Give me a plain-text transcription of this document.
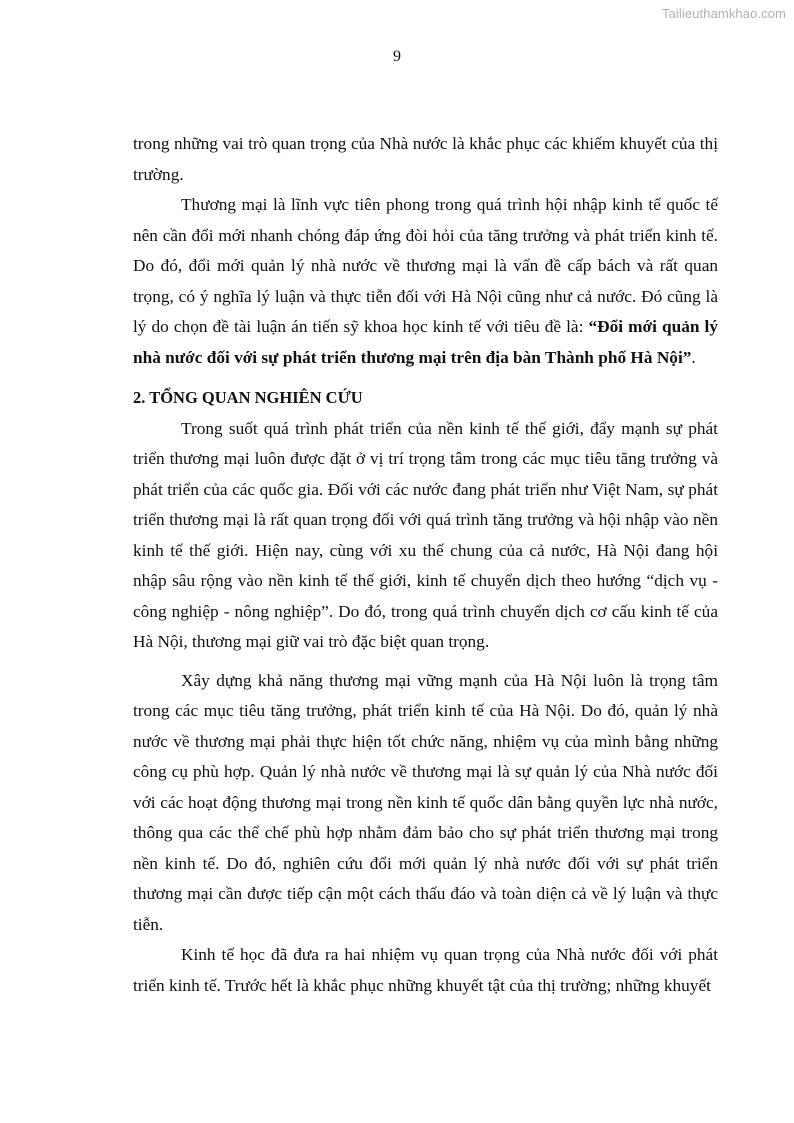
Tailieuthamkhao.com
9

trong những vai trò quan trọng của Nhà nước là khắc phục các khiếm khuyết của thị trường.

Thương mại là lĩnh vực tiên phong trong quá trình hội nhập kinh tế quốc tế nên cần đổi mới nhanh chóng đáp ứng đòi hỏi của tăng trưởng và phát triển kinh tế. Do đó, đổi mới quản lý nhà nước về thương mại là vấn đề cấp bách và rất quan trọng, có ý nghĩa lý luận và thực tiễn đối với Hà Nội cũng như cả nước. Đó cũng là lý do chọn đề tài luận án tiến sỹ khoa học kinh tế với tiêu đề là: “Đổi mới quản lý nhà nước đối với sự phát triển thương mại trên địa bàn Thành phố Hà Nội”.

2. TỔNG QUAN NGHIÊN CỨU

Trong suốt quá trình phát triển của nền kinh tế thế giới, đẩy mạnh sự phát triển thương mại luôn được đặt ở vị trí trọng tâm trong các mục tiêu tăng trưởng và phát triển của các quốc gia. Đối với các nước đang phát triển như Việt Nam, sự phát triển thương mại là rất quan trọng đối với quá trình tăng trưởng và hội nhập vào nền kinh tế thế giới. Hiện nay, cùng với xu thế chung của cả nước, Hà Nội đang hội nhập sâu rộng vào nền kinh tế thế giới, kinh tế chuyển dịch theo hướng “dịch vụ - công nghiệp - nông nghiệp”. Do đó, trong quá trình chuyển dịch cơ cấu kinh tế của Hà Nội, thương mại giữ vai trò đặc biệt quan trọng.

Xây dựng khả năng thương mại vững mạnh của Hà Nội luôn là trọng tâm trong các mục tiêu tăng trưởng, phát triển kinh tế của Hà Nội. Do đó, quản lý nhà nước về thương mại phải thực hiện tốt chức năng, nhiệm vụ của mình bằng những công cụ phù hợp. Quản lý nhà nước về thương mại là sự quản lý của Nhà nước đối với các hoạt động thương mại trong nền kinh tế quốc dân bằng quyền lực nhà nước, thông qua các thể chế phù hợp nhằm đảm bảo cho sự phát triển thương mại trong nền kinh tế. Do đó, nghiên cứu đổi mới quản lý nhà nước đối với sự phát triển thương mại cần được tiếp cận một cách thấu đáo và toàn diện cả về lý luận và thực tiễn.

Kinh tế học đã đưa ra hai nhiệm vụ quan trọng của Nhà nước đối với phát triển kinh tế. Trước hết là khắc phục những khuyết tật của thị trường; những khuyết
